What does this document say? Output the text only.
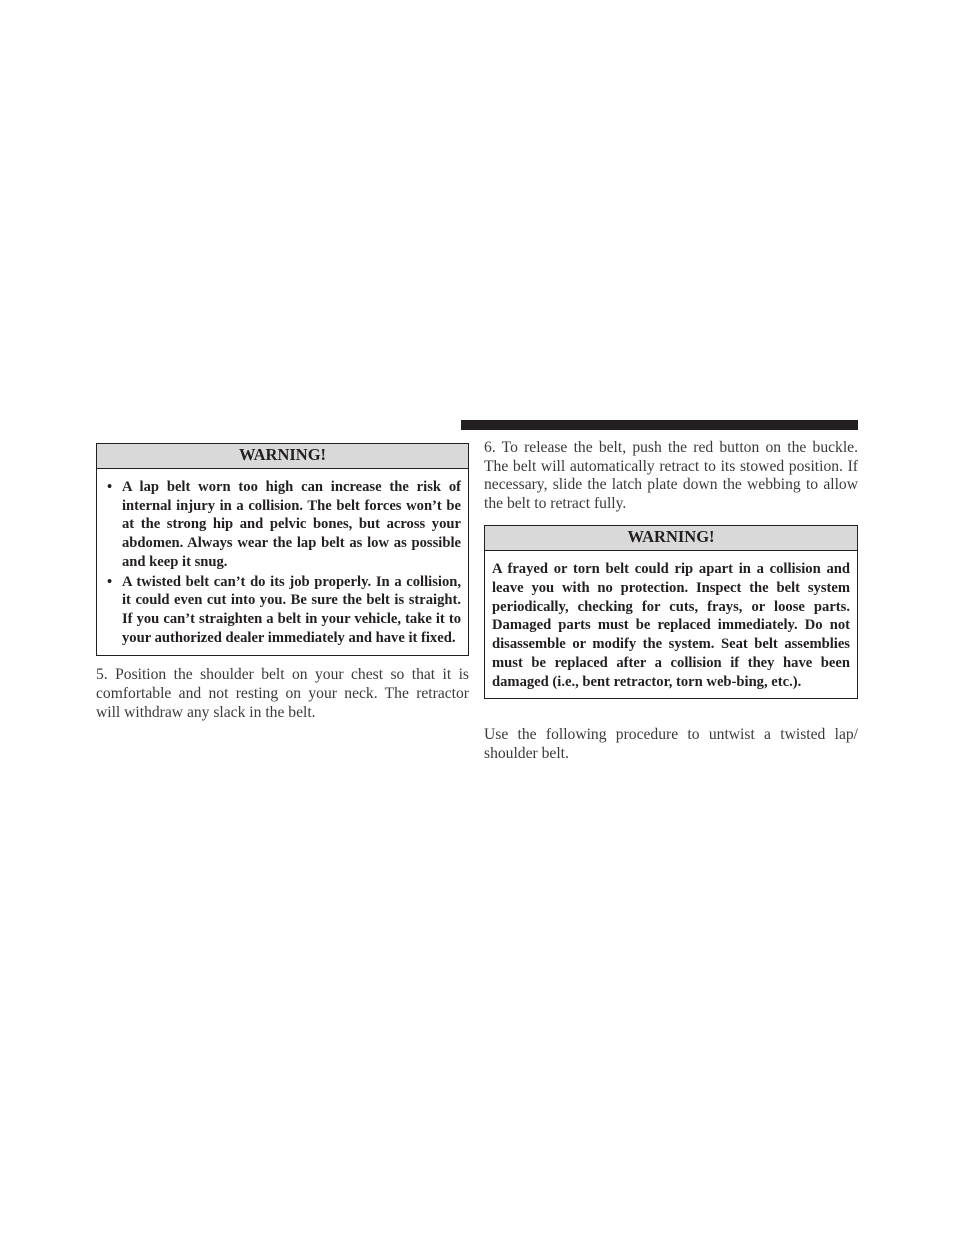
WARNING!
• A lap belt worn too high can increase the risk of internal injury in a collision. The belt forces won’t be at the strong hip and pelvic bones, but across your abdomen. Always wear the lap belt as low as possible and keep it snug.
• A twisted belt can’t do its job properly. In a collision, it could even cut into you. Be sure the belt is straight. If you can’t straighten a belt in your vehicle, take it to your authorized dealer immediately and have it fixed.

5. Position the shoulder belt on your chest so that it is comfortable and not resting on your neck. The retractor will withdraw any slack in the belt.

6. To release the belt, push the red button on the buckle. The belt will automatically retract to its stowed position. If necessary, slide the latch plate down the webbing to allow the belt to retract fully.

WARNING!
A frayed or torn belt could rip apart in a collision and leave you with no protection. Inspect the belt system periodically, checking for cuts, frays, or loose parts. Damaged parts must be replaced immediately. Do not disassemble or modify the system. Seat belt assemblies must be replaced after a collision if they have been damaged (i.e., bent retractor, torn web-bing, etc.).

Use the following procedure to untwist a twisted lap/ shoulder belt.
